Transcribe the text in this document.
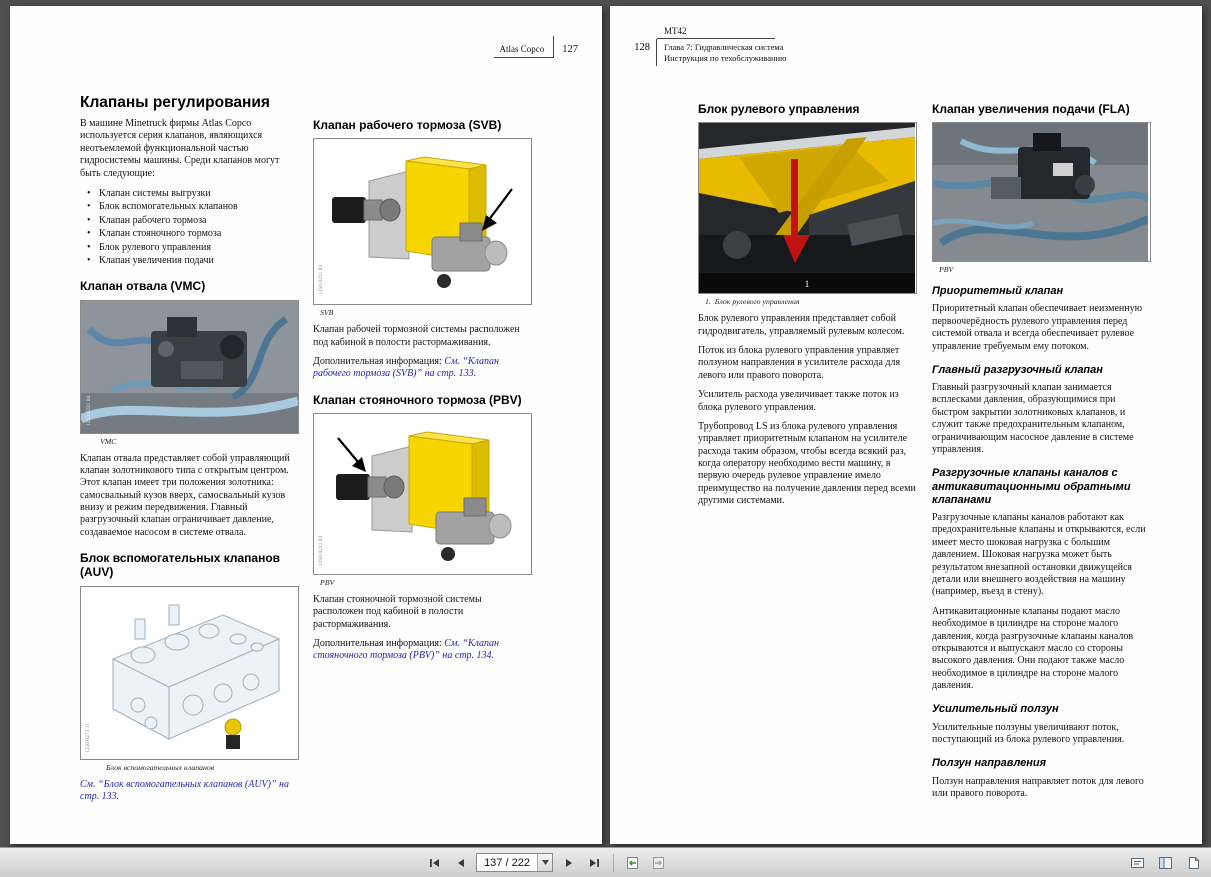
Atlas Copco	127
Клапаны регулирования

В машине Minetruck фирмы Atlas Copco используется серия клапанов, являющихся неотъемлемой функциональной частью гидросистемы машины. Среди клапанов могут быть следующие:

• Клапан системы выгрузки
• Блок вспомогательных клапанов
• Клапан рабочего тормоза
• Клапан стояночного тормоза
• Блок рулевого управления
• Клапан увеличения подачи
Клапан отвала (VMC)
1250 0231 04
VMC

Клапан отвала представляет собой управляющий клапан золотникового типа с открытым центром. Этот клапан имеет три положения золотника: самосвальный кузов вверх, самосвальный кузов внизу и режим передвижения. Главный разгрузочный клапан ограничивает давление, создаваемое насосом в системе отвала.

Блок вспомогательных клапанов (AUV)
1250 0273 11
Блок вспомогательных клапанов

См. “Блок вспомогательных клапанов (AUV)” на стр. 133.

Клапан рабочего тормоза (SVB)
1250 0231 03
SVB

Клапан рабочей тормозной системы расположен под кабиной в полости растормаживания.

Дополнительная информация: См. “Клапан рабочего тормоза (SVB)” на стр. 133.

Клапан стояночного тормоза (PBV)
1250 0231 03
PBV

Клапан стояночной тормозной системы расположен под кабиной в полости растормаживания.

Дополнительная информация: См. “Клапан стояночного тормоза (PBV)” на стр. 134.

MT42
128 Глава 7: Гидравлическая система
Инструкция по техобслуживанию
Блок рулевого управления
1
1. Блок рулевого управления

Блок рулевого управления представляет собой гидродвигатель, управляемый рулевым колесом.

Поток из блока рулевого управления управляет ползуном направления в усилителе расхода для левого или правого поворота.

Усилитель расхода увеличивает также поток из блока рулевого управления.

Трубопровод LS из блока рулевого управления управляет приоритетным клапаном на усилителе расхода таким образом, чтобы всегда всякий раз, когда оператору необходимо вести машину, в первую очередь рулевое управление имело преимущество на получение давления перед всеми другими системами.

Клапан увеличения подачи (FLA)
PBV
Приоритетный клапан

Приоритетный клапан обеспечивает неизменную первоочерёдность рулевого управления перед системой отвала и всегда обеспечивает рулевое управление требуемым ему потоком.

Главный разгрузочный клапан

Главный разгрузочный клапан занимается всплесками давления, образующимися при быстром закрытии золотниковых клапанов, и служит также предохранительным клапаном, ограничивающим насосное давление в системе управления.

Разгрузочные клапаны каналов с антикавитационными обратными клапанами

Разгрузочные клапаны каналов работают как предохранительные клапаны и открываются, если имеет место шоковая нагрузка с большим давлением. Шоковая нагрузка может быть результатом внезапной остановки движущейся детали или внешнего воздействия на машину (например, въезд в стену).

Антикавитационные клапаны подают масло необходимое в цилиндре на стороне малого давления, когда разгрузочные клапаны каналов открываются и выпускают масло со стороны высокого давления. Они подают также масло необходимое в цилиндре на стороне малого давления.

Усилительный ползун

Усилительные ползуны увеличивают поток, поступающий из блока рулевого управления.

Ползун направления

Ползун направления направляет поток для левого или правого поворота.

137 / 222
